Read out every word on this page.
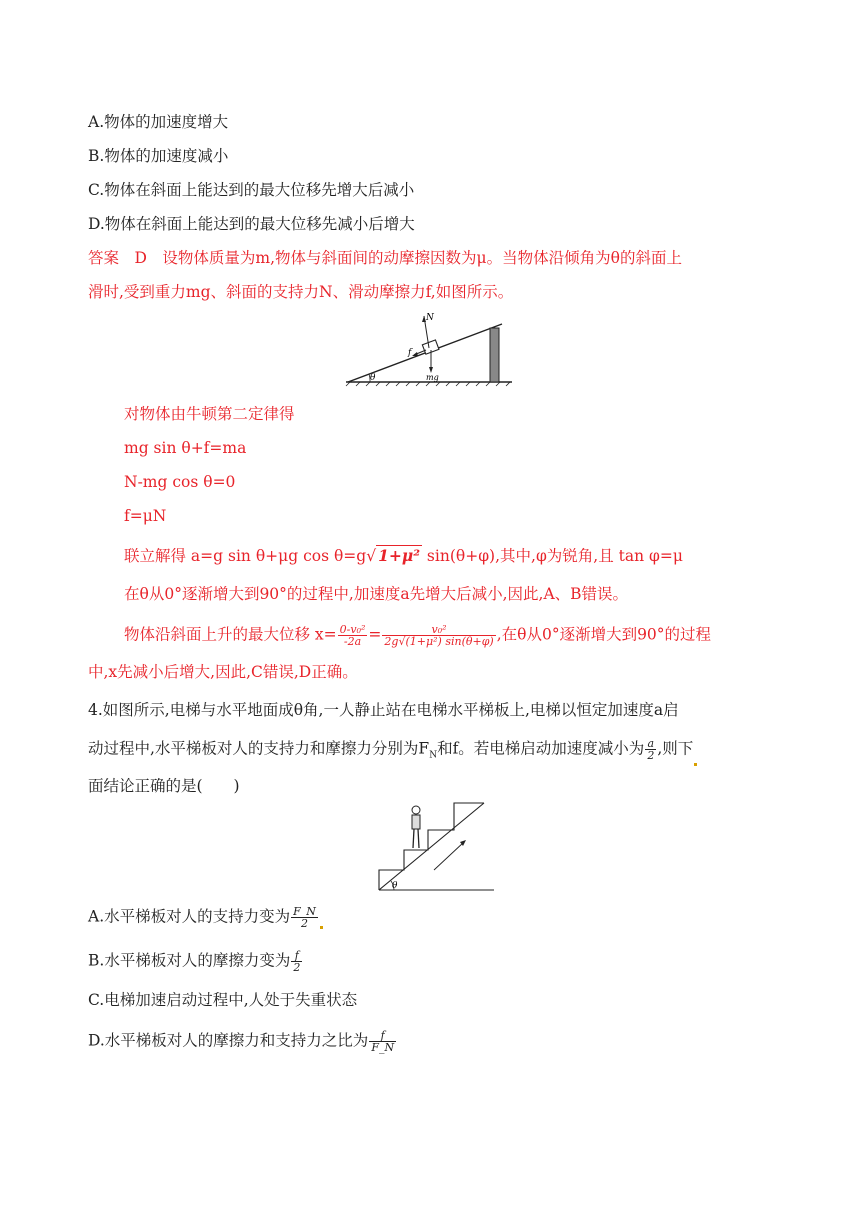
A.物体的加速度增大
B.物体的加速度减小
C.物体在斜面上能达到的最大位移先增大后减小
D.物体在斜面上能达到的最大位移先减小后增大
答案　D　设物体质量为m,物体与斜面间的动摩擦因数为μ。当物体沿倾角为θ的斜面上
滑时,受到重力mg、斜面的支持力N、滑动摩擦力f,如图所示。
θ
N
f
mg
对物体由牛顿第二定律得
mg sin θ+f=ma
N-mg cos θ=0
f=μN
联立解得 a=g sin θ+μg cos θ=g√ 1+μ² sin(θ+φ),其中,φ为锐角,且 tan φ=μ
在θ从0°逐渐增大到90°的过程中,加速度a先增大后减小,因此,A、B错误。
物体沿斜面上升的最大位移 $x= \frac{\text{0-v₀²}}{-2a} = \frac{\text{v₀²}}{\text{2g√(1+μ²) sin(θ+φ)}}$ ,在θ从0°逐渐增大到90°的过程
中,x先减小后增大,因此,C错误,D正确。
4.如图所示,电梯与水平地面成θ角,一人静止站在电梯水平梯板上,电梯以恒定加速度a启
动过程中,水平梯板对人的支持力和摩擦力分别为$F_N$和f。若电梯启动加速度减小为 $\frac{a}{2}$ ,则下
面结论正确的是(　　)
θ
A.水平梯板对人的支持力变为 $\frac{F\_N}{2}$
B.水平梯板对人的摩擦力变为 $\frac{f}{2}$
C.电梯加速启动过程中,人处于失重状态
D.水平梯板对人的摩擦力和支持力之比为 $\frac{f}{F\_N}$
